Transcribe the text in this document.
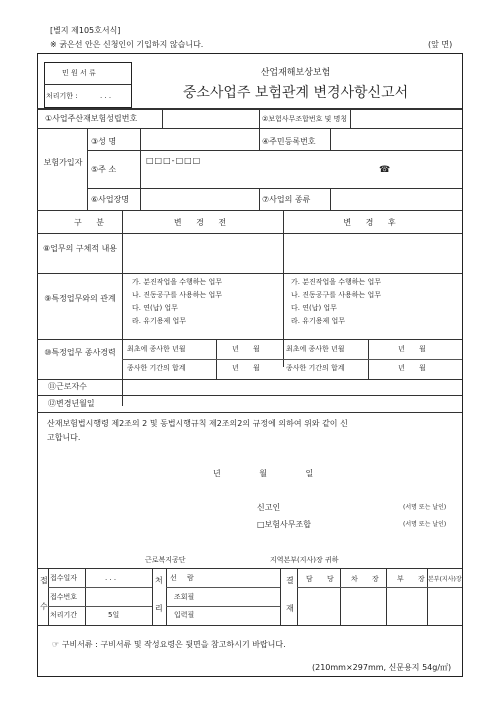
[별지 제105호서식]
※ 굵은선 안은 신청인이 기입하지 않습니다.	(앞 면)
민 원 서 류
처리기한 :	. . .
산업재해보상보험
중소사업주 보험관계 변경사항신고서
①사업주산재보험성립번호	②보험사무조합번호 및 명칭
보험가입자
③성 명	④주민등록번호
⑤주 소
□□□-□□□
☎
⑥사업장명	⑦사업의 종류
구 분	변 경 전	변 경 후
⑧업무의 구체적 내용
⑨특정업무와의 관계
가. 분진작업을 수행하는 업무
나. 진동공구를 사용하는 업무
다. 연(납) 업무
라. 유기용제 업무
가. 분진작업을 수행하는 업무
나. 진동공구를 사용하는 업무
다. 연(납) 업무
라. 유기용제 업무
⑩특정업무 종사경력	최초에 종사한 년월	년 월	최초에 종사한 년월	년 월
종사한 기간의 합계	년 월	종사한 기간의 합계	년 월
⑪근로자수
⑫변경년월일
산재보험법시행령 제2조의 2 및 동법시행규칙 제2조의2의 규정에 의하여 위와 같이 신
고합니다.
년 월 일
신고인	(서명 또는 날인)
□보험사무조합	(서명 또는 날인)
근로복지공단	지역본부(지사)장 귀하
접
수
접수일자	. . .
접수번호
처리기간	5일
처
리
선 람
조회필
입력필
결
재
담 당 차 장 부 장
본부(지사)장
☞ 구비서류 : 구비서류 및 작성요령은 뒷면을 참고하시기 바랍니다.
(210mm×297mm, 신문용지 54g/㎡)
